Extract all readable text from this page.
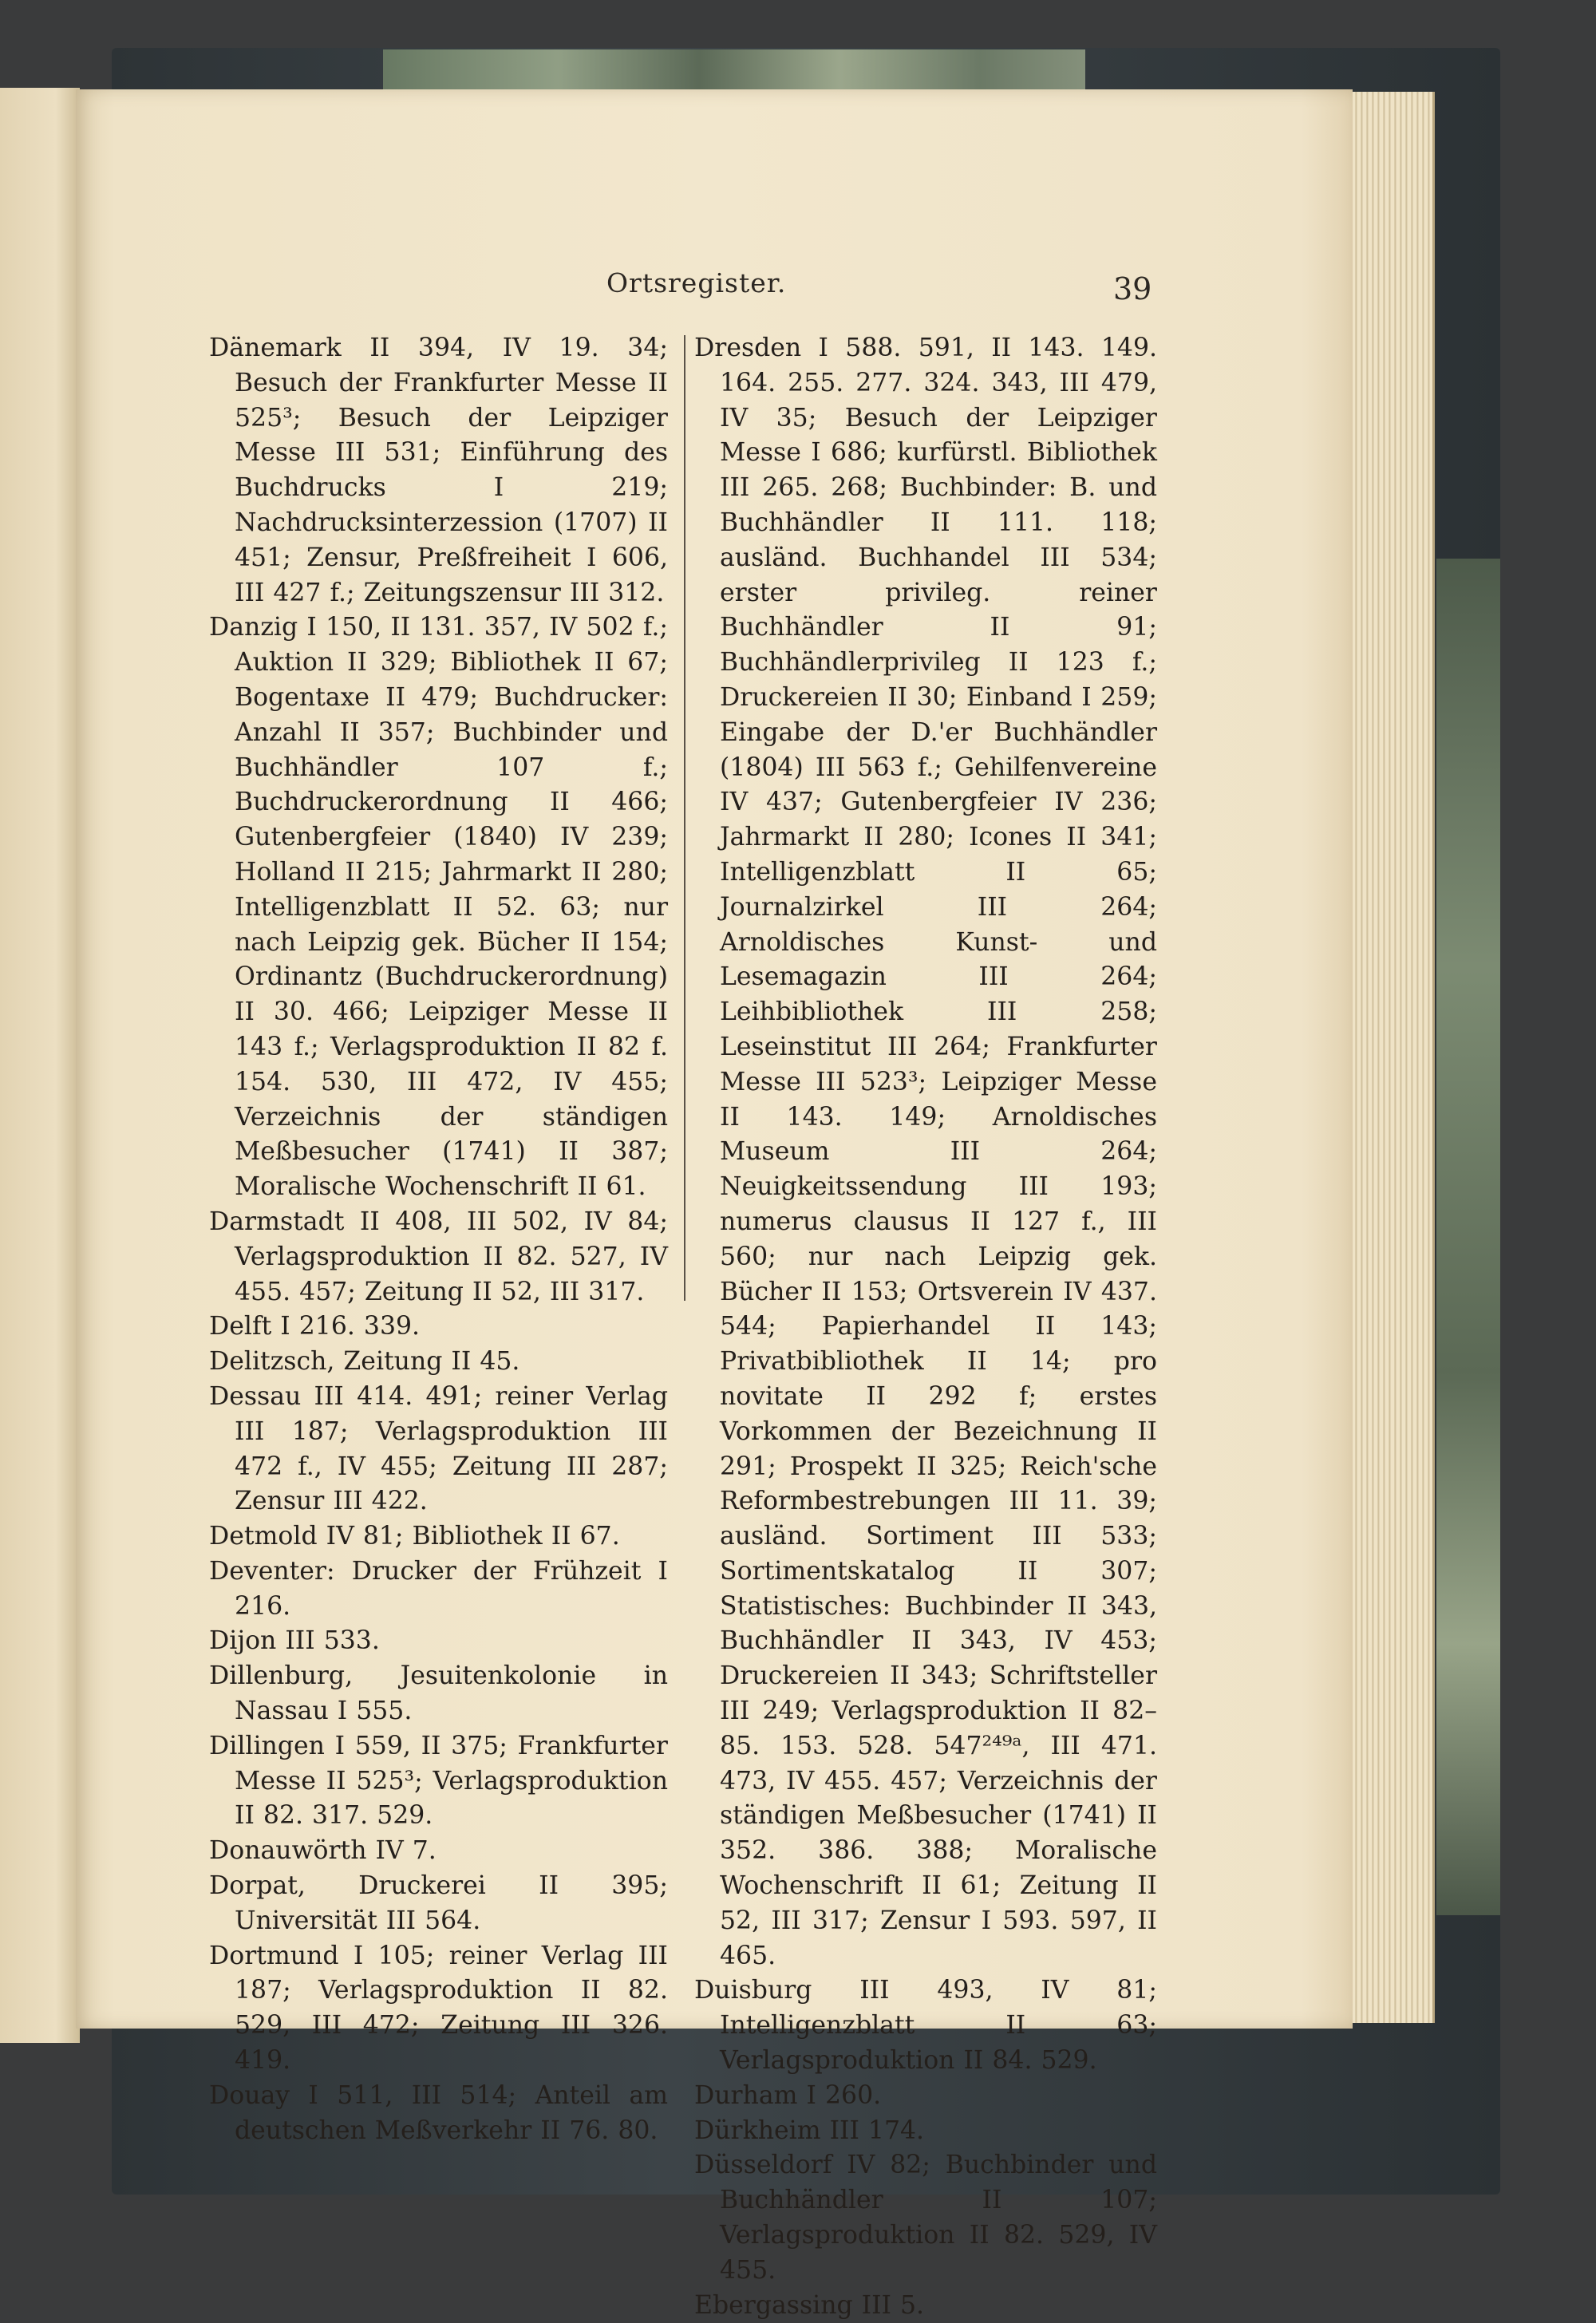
Ortsregister.	39

Dänemark II 394, IV 19. 34; Besuch der Frankfurter Messe II 525³; Besuch der Leipziger Messe III 531; Einführung des Buchdrucks I 219; Nachdrucksinterzession (1707) II 451; Zensur, Preßfreiheit I 606, III 427 f.; Zeitungszensur III 312.

Danzig I 150, II 131. 357, IV 502 f.; Auktion II 329; Bibliothek II 67; Bogentaxe II 479; Buchdrucker: Anzahl II 357; Buchbinder und Buchhändler 107 f.; Buchdruckerordnung II 466; Gutenbergfeier (1840) IV 239; Holland II 215; Jahrmarkt II 280; Intelligenzblatt II 52. 63; nur nach Leipzig gek. Bücher II 154; Ordinantz (Buchdruckerordnung) II 30. 466; Leipziger Messe II 143 f.; Verlagsproduktion II 82 f. 154. 530, III 472, IV 455; Verzeichnis der ständigen Meßbesucher (1741) II 387; Moralische Wochenschrift II 61.

Darmstadt II 408, III 502, IV 84; Verlagsproduktion II 82. 527, IV 455. 457; Zeitung II 52, III 317.

Delft I 216. 339.

Delitzsch, Zeitung II 45.

Dessau III 414. 491; reiner Verlag III 187; Verlagsproduktion III 472 f., IV 455; Zeitung III 287; Zensur III 422.

Detmold IV 81; Bibliothek II 67.

Deventer: Drucker der Frühzeit I 216.

Dijon III 533.

Dillenburg, Jesuitenkolonie in Nassau I 555.

Dillingen I 559, II 375; Frankfurter Messe II 525³; Verlagsproduktion II 82. 317. 529.

Donauwörth IV 7.

Dorpat, Druckerei II 395; Universität III 564.

Dortmund I 105; reiner Verlag III 187; Verlagsproduktion II 82. 529, III 472; Zeitung III 326. 419.

Douay I 511, III 514; Anteil am deutschen Meßverkehr II 76. 80.

Dresden I 588. 591, II 143. 149. 164. 255. 277. 324. 343, III 479, IV 35; Besuch der Leipziger Messe I 686; kurfürstl. Bibliothek III 265. 268; Buchbinder: B. und Buchhändler II 111. 118; ausländ. Buchhandel III 534; erster privileg. reiner Buchhändler II 91; Buchhändlerprivileg II 123 f.; Druckereien II 30; Einband I 259; Eingabe der D.'er Buchhändler (1804) III 563 f.; Gehilfenvereine IV 437; Gutenbergfeier IV 236; Jahrmarkt II 280; Icones II 341; Intelligenzblatt II 65; Journalzirkel III 264; Arnoldisches Kunst- und Lesemagazin III 264; Leihbibliothek III 258; Leseinstitut III 264; Frankfurter Messe III 523³; Leipziger Messe II 143. 149; Arnoldisches Museum III 264; Neuigkeitssendung III 193; numerus clausus II 127 f., III 560; nur nach Leipzig gek. Bücher II 153; Ortsverein IV 437. 544; Papierhandel II 143; Privatbibliothek II 14; pro novitate II 292 f; erstes Vorkommen der Bezeichnung II 291; Prospekt II 325; Reich'sche Reformbestrebungen III 11. 39; ausländ. Sortiment III 533; Sortimentskatalog II 307; Statistisches: Buchbinder II 343, Buchhändler II 343, IV 453; Druckereien II 343; Schriftsteller III 249; Verlagsproduktion II 82–85. 153. 528. 547²⁴⁹ᵃ, III 471. 473, IV 455. 457; Verzeichnis der ständigen Meßbesucher (1741) II 352. 386. 388; Moralische Wochenschrift II 61; Zeitung II 52, III 317; Zensur I 593. 597, II 465.

Duisburg III 493, IV 81; Intelligenzblatt II 63; Verlagsproduktion II 84. 529.

Durham I 260.

Dürkheim III 174.

Düsseldorf IV 82; Buchbinder und Buchhändler II 107; Verlagsproduktion II 82. 529, IV 455.

Ebergassing III 5.
